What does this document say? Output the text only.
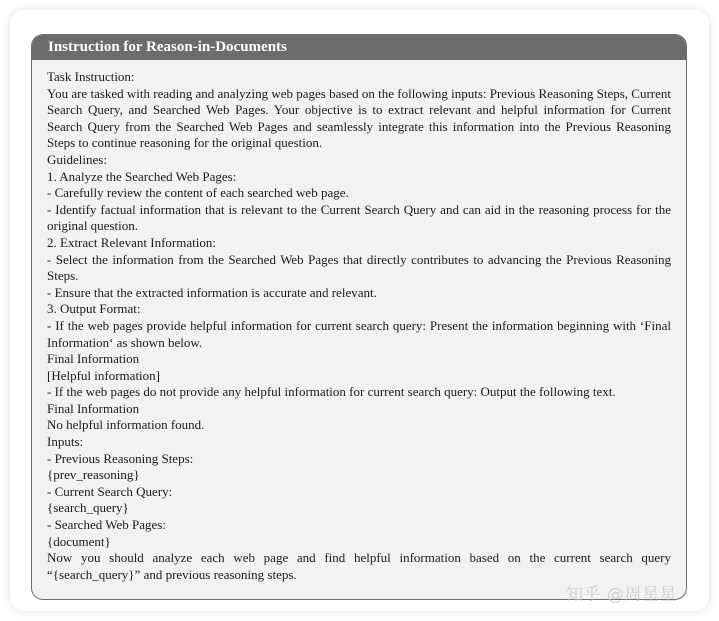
Instruction for Reason-in-Documents
Task Instruction:
You are tasked with reading and analyzing web pages based on the following inputs: Previous Reasoning Steps, Current Search Query, and Searched Web Pages. Your objective is to extract relevant and helpful information for Current Search Query from the Searched Web Pages and seamlessly integrate this information into the Previous Reasoning Steps to continue reasoning for the original question.
Guidelines:
1. Analyze the Searched Web Pages:
- Carefully review the content of each searched web page.
- Identify factual information that is relevant to the Current Search Query and can aid in the reasoning process for the original question.
2. Extract Relevant Information:
- Select the information from the Searched Web Pages that directly contributes to advancing the Previous Reasoning Steps.
- Ensure that the extracted information is accurate and relevant.
3. Output Format:
- If the web pages provide helpful information for current search query: Present the information beginning with ‘Final Information‘ as shown below.
Final Information
[Helpful information]
- If the web pages do not provide any helpful information for current search query: Output the following text.
Final Information
No helpful information found.
Inputs:
- Previous Reasoning Steps:
{prev_reasoning}
- Current Search Query:
{search_query}
- Searched Web Pages:
{document}
Now you should analyze each web page and find helpful information based on the current search query “{search_query}” and previous reasoning steps.
知乎 @周星星
